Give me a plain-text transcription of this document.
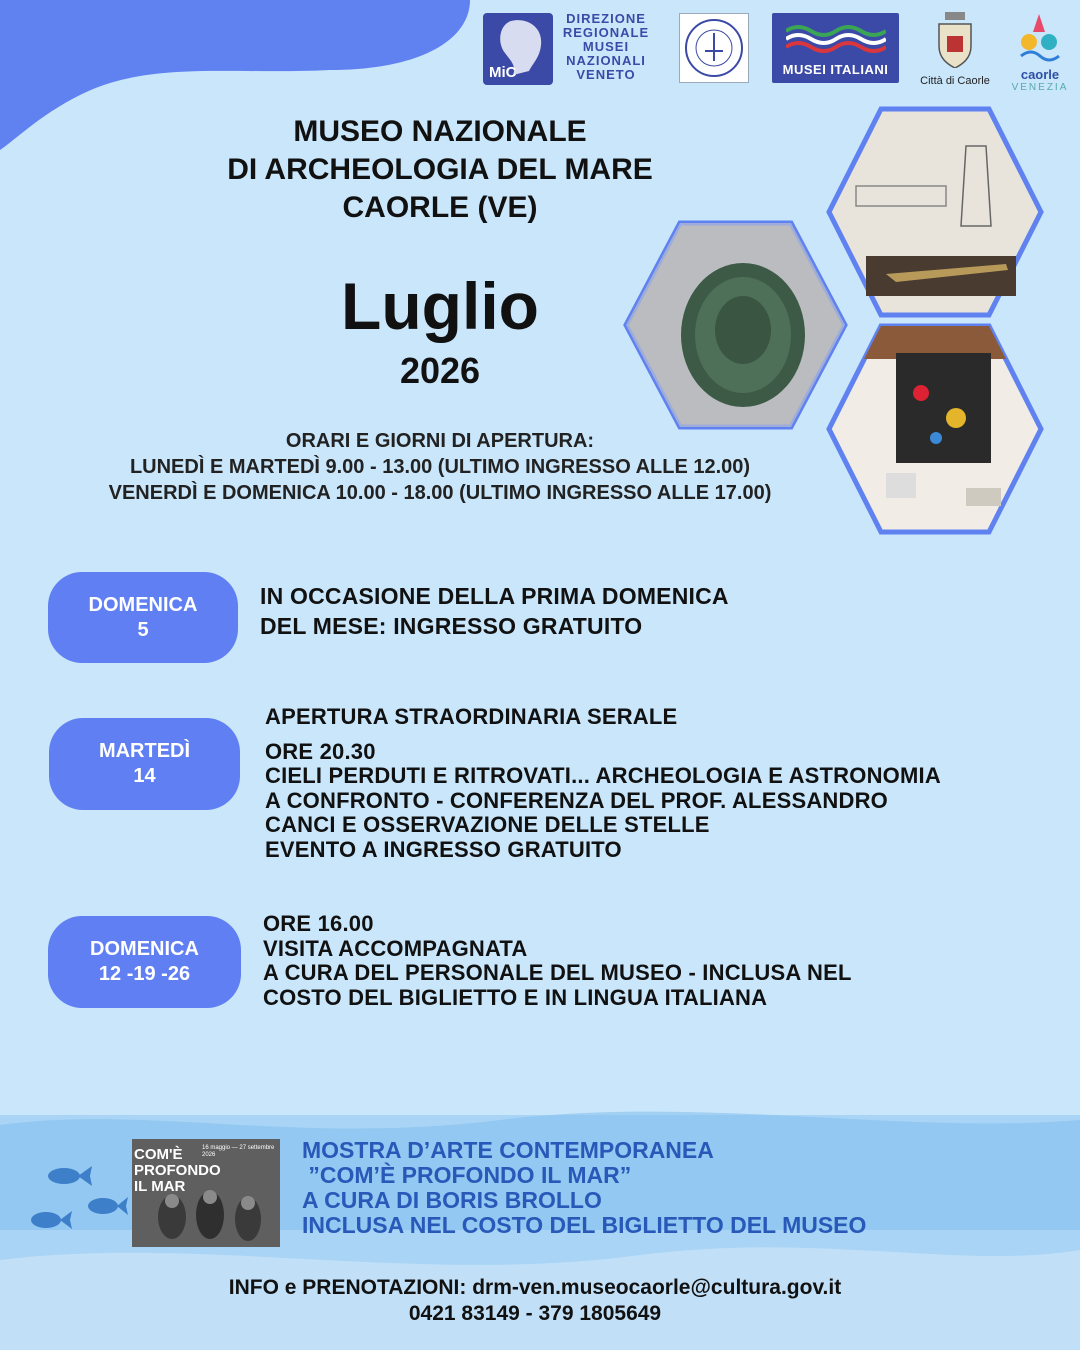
MiC
DIREZIONE
REGIONALE
MUSEI
NAZIONALI
VENETO	MUSEI ITALIANI
Città di Caorle	caorle
VENEZIA
MUSEO NAZIONALE
DI ARCHEOLOGIA DEL MARE
CAORLE (VE)
Luglio
2026
ORARI E GIORNI DI APERTURA:
LUNEDÌ E MARTEDÌ 9.00 - 13.00 (ULTIMO INGRESSO ALLE 12.00)
VENERDÌ E DOMENICA 10.00 - 18.00 (ULTIMO INGRESSO ALLE 17.00)
DOMENICA
5
IN OCCASIONE DELLA PRIMA DOMENICA
DEL MESE: INGRESSO GRATUITO
MARTEDÌ
14
APERTURA STRAORDINARIA SERALE
ORE 20.30
CIELI PERDUTI E RITROVATI... ARCHEOLOGIA E ASTRONOMIA
A CONFRONTO - CONFERENZA DEL PROF. ALESSANDRO
CANCI E OSSERVAZIONE DELLE STELLE
EVENTO A INGRESSO GRATUITO
DOMENICA
12 -19 -26
ORE 16.00
VISITA ACCOMPAGNATA
A CURA DEL PERSONALE DEL MUSEO - INCLUSA NEL
COSTO DEL BIGLIETTO E IN LINGUA ITALIANA
COM'È PROFONDO IL MAR
16 maggio — 27 settembre 2026	MOSTRA D’ARTE CONTEMPORANEA
”COM’È PROFONDO IL MAR”
A CURA DI BORIS BROLLO
INCLUSA NEL COSTO DEL BIGLIETTO DEL MUSEO
INFO e PRENOTAZIONI: drm-ven.museocaorle@cultura.gov.it
0421 83149 - 379 1805649
